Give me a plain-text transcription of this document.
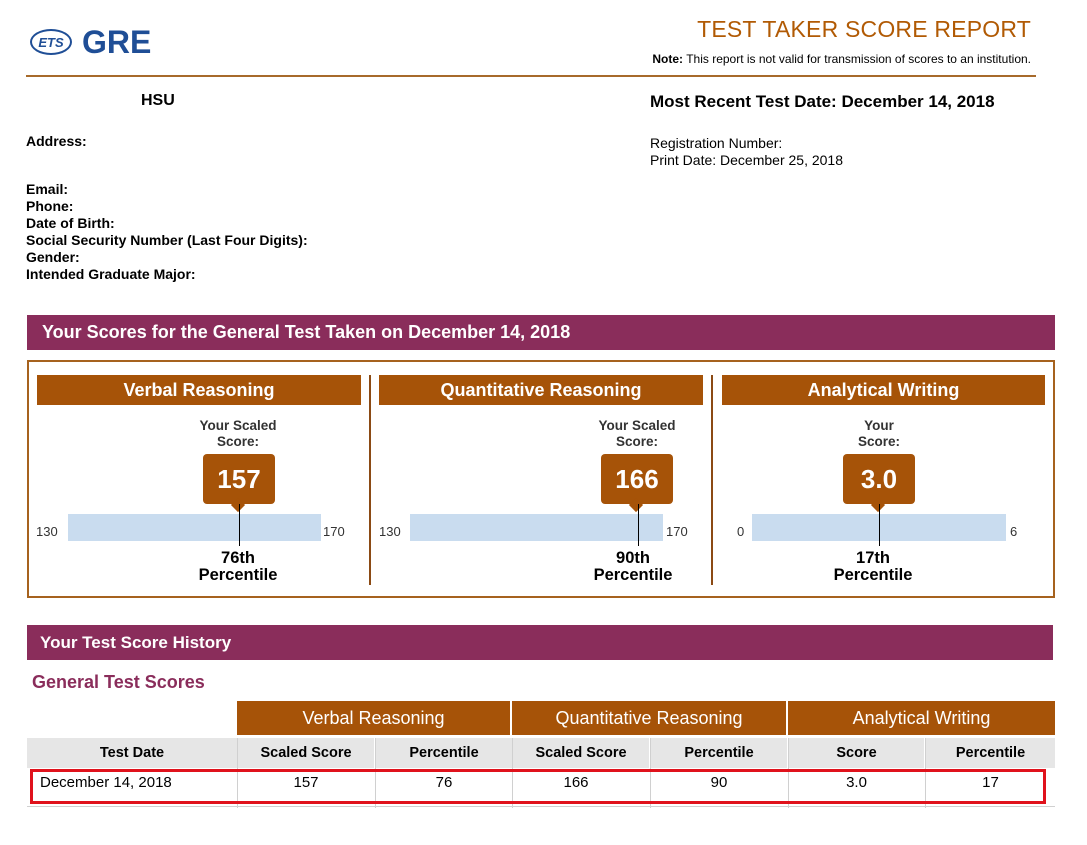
ETS GRE	TEST TAKER SCORE REPORT
Note: This report is not valid for transmission of scores to an institution.
HSU	Most Recent Test Date: December 14, 2018
Registration Number:
Print Date: December 25, 2018
Address:
Email:
Phone:
Date of Birth:
Social Security Number (Last Four Digits):
Gender:
Intended Graduate Major:
Your Scores for the General Test Taken on December 14, 2018
Verbal Reasoning
Your Scaled
Score:
157
130	170
76th
Percentile
Quantitative Reasoning
Your Scaled
Score:
166
130	170
90th
Percentile
Analytical Writing
Your
Score:
3.0
0	6
17th
Percentile
Your Test Score History
General Test Scores
Verbal Reasoning	Quantitative Reasoning	Analytical Writing
Test Date	Scaled Score	Percentile	Scaled Score	Percentile	Score	Percentile
December 14, 2018	157	76	166	90	3.0	17
